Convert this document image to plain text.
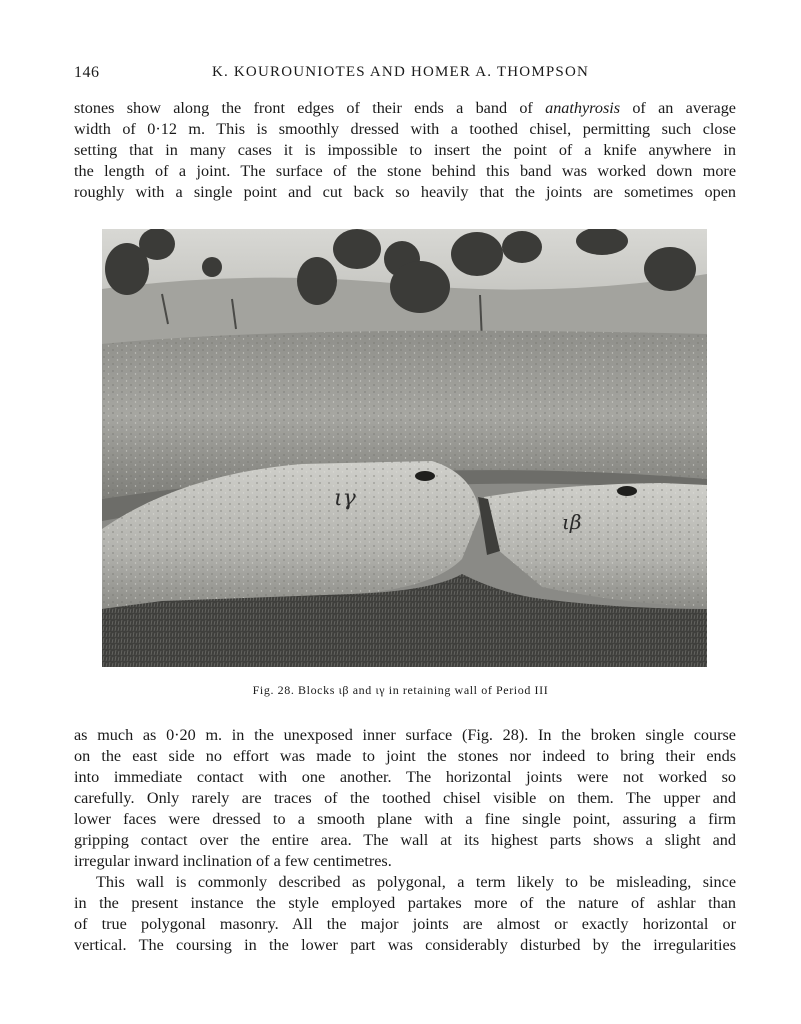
146	K. KOUROUNIOTES AND HOMER A. THOMPSON
stones show along the front edges of their ends a band of anathyrosis of an average
width of 0·12 m. This is smoothly dressed with a toothed chisel, permitting such close
setting that in many cases it is impossible to insert the point of a knife anywhere in
the length of a joint. The surface of the stone behind this band was worked down more
roughly with a single point and cut back so heavily that the joints are sometimes open
ιγ
ιβ
Fig. 28. Blocks ιβ and ιγ in retaining wall of Period III
as much as 0·20 m. in the unexposed inner surface (Fig. 28). In the broken single course
on the east side no effort was made to joint the stones nor indeed to bring their ends
into immediate contact with one another. The horizontal joints were not worked so
carefully. Only rarely are traces of the toothed chisel visible on them. The upper and
lower faces were dressed to a smooth plane with a fine single point, assuring a firm
gripping contact over the entire area. The wall at its highest parts shows a slight and
irregular inward inclination of a few centimetres.
This wall is commonly described as polygonal, a term likely to be misleading, since
in the present instance the style employed partakes more of the nature of ashlar than
of true polygonal masonry. All the major joints are almost or exactly horizontal or
vertical. The coursing in the lower part was considerably disturbed by the irregularities
